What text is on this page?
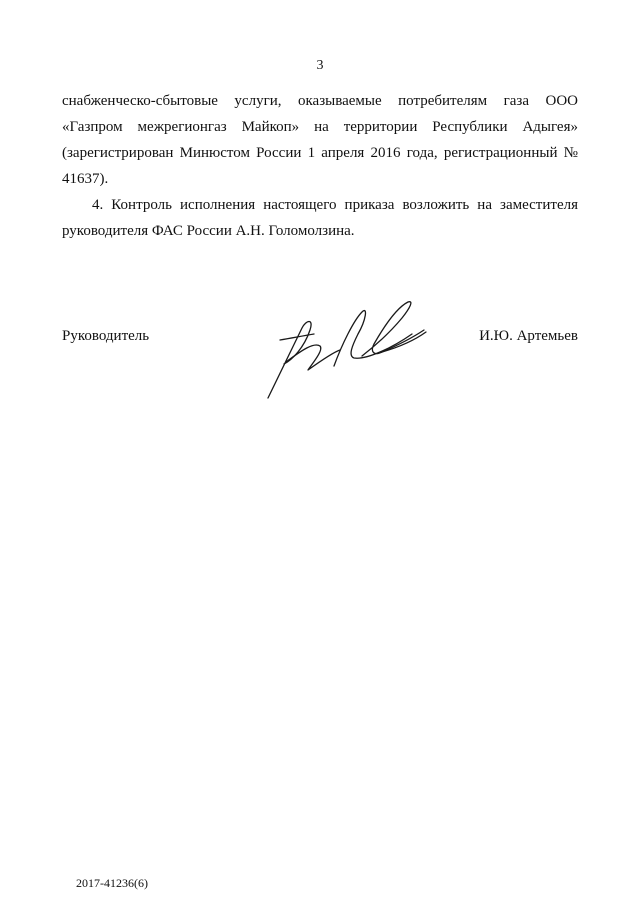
3

снабженческо-сбытовые услуги, оказываемые потребителям газа ООО «Газпром межрегионгаз Майкоп» на территории Республики Адыгея» (зарегистрирован Минюстом России 1 апреля 2016 года, регистрационный № 41637).

4. Контроль исполнения настоящего приказа возложить на заместителя руководителя ФАС России А.Н. Голомолзина.

Руководитель	И.Ю. Артемьев
2017-41236(6)
